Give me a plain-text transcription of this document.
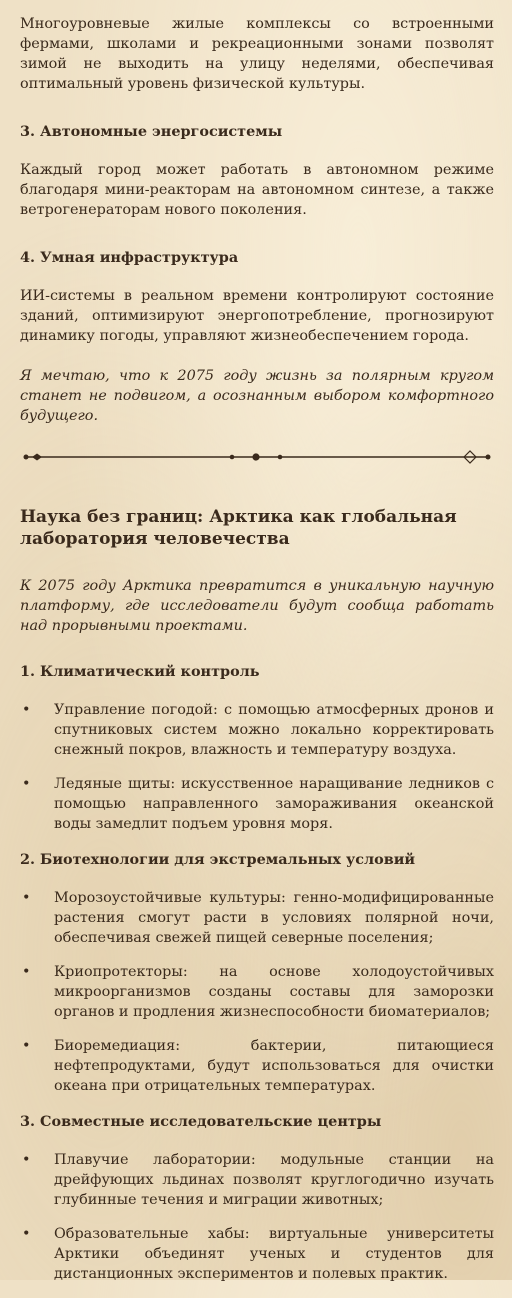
Многоуровневые жилые комплексы со встроенными фермами, школами и рекреационными зонами позволят зимой не выходить на улицу неделями, обеспечивая оптимальный уровень физической культуры.

3. Автономные энергосистемы

Каждый город может работать в автономном режиме благодаря мини-реакторам на автономном синтезе, а также ветрогенераторам нового поколения.

4. Умная инфраструктура

ИИ-системы в реальном времени контролируют состояние зданий, оптимизируют энергопотребление, прогнозируют динамику погоды, управляют жизнеобеспечением города.

Я мечтаю, что к 2075 году жизнь за полярным кругом станет не подвигом, а осознанным выбором комфортного будущего.

Наука без границ: Арктика как глобальная лаборатория человечества

К 2075 году Арктика превратится в уникальную научную платформу, где исследователи будут сообща работать над прорывными проектами.

1. Климатический контроль
• Управление погодой: с помощью атмосферных дронов и спутниковых систем можно локально корректировать снежный покров, влажность и температуру воздуха.

• Ледяные щиты: искусственное наращивание ледников с помощью направленного замораживания океанской воды замедлит подъем уровня моря.

2. Биотехнологии для экстремальных условий
• Морозоустойчивые культуры: генно-модифицированные растения смогут расти в условиях полярной ночи, обеспечивая свежей пищей северные поселения;

• Криопротекторы: на основе холодоустойчивых микроорганизмов созданы составы для заморозки органов и продления жизнеспособности биоматериалов;

• Биоремедиация: бактерии, питающиеся нефтепродуктами, будут использоваться для очистки океана при отрицательных температурах.

3. Совместные исследовательские центры
• Плавучие лаборатории: модульные станции на дрейфующих льдинах позволят круглогодично изучать глубинные течения и миграции животных;

• Образовательные хабы: виртуальные университеты Арктики объединят ученых и студентов для дистанционных экспериментов и полевых практик.
